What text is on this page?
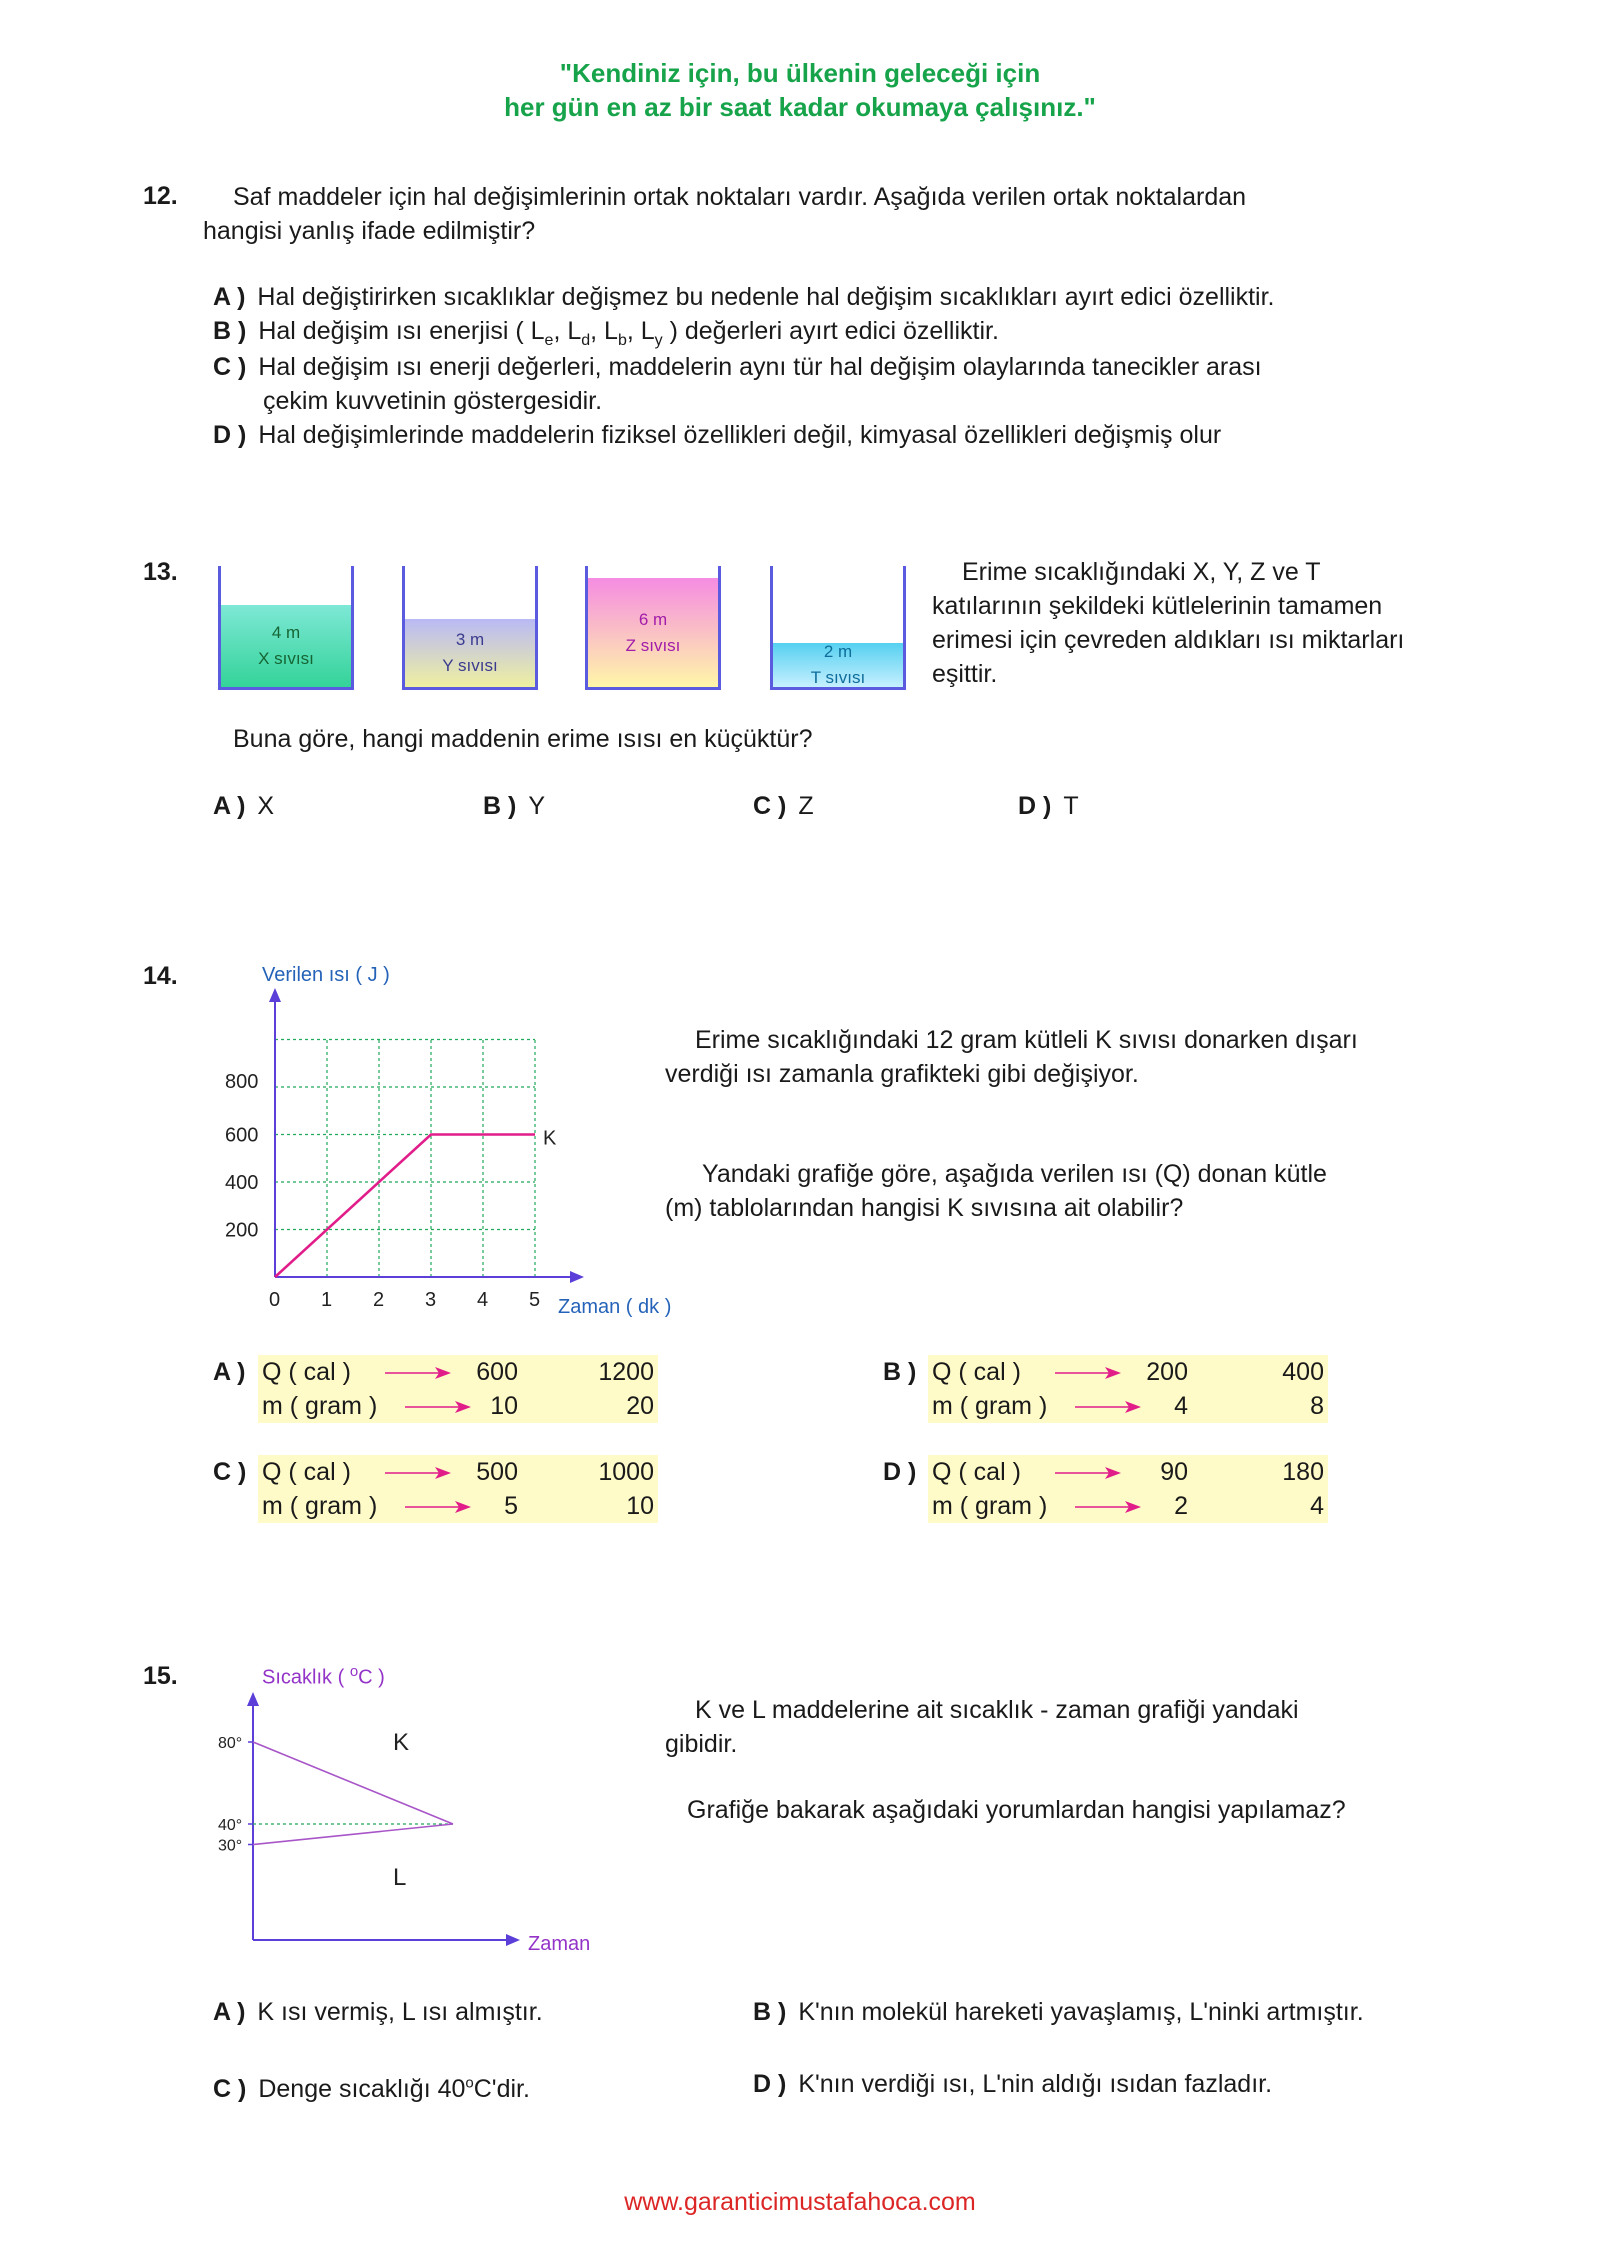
"Kendiniz için, bu ülkenin geleceği için
her gün en az bir saat kadar okumaya çalışınız."
12. Saf maddeler için hal değişimlerinin ortak noktaları vardır. Aşağıda verilen ortak noktalardan
hangisi yanlış ifade edilmiştir?
A ) Hal değiştirirken sıcaklıklar değişmez bu nedenle hal değişim sıcaklıkları ayırt edici özelliktir.
B ) Hal değişim ısı enerjisi ( $L_e$, $L_d$, $L_b$, $L_y$ ) değerleri ayırt edici özelliktir.
C ) Hal değişim ısı enerji değerleri, maddelerin aynı tür hal değişim olaylarında tanecikler arası
çekim kuvvetinin göstergesidir.
D ) Hal değişimlerinde maddelerin fiziksel özellikleri değil, kimyasal özellikleri değişmiş olur
13.
4 m
X sıvısı
3 m
Y sıvısı
6 m
Z sıvısı	2 m
T sıvısı
Erime sıcaklığındaki X, Y, Z ve T
katılarının şekildeki kütlelerinin tamamen
erimesi için çevreden aldıkları ısı miktarları
eşittir.
Buna göre, hangi maddenin erime ısısı en küçüktür?
A ) X	B ) Y	C ) Z	D ) T
14.	Verilen ısı ( J )
Zaman ( dk )
K
200
400
600
800
0 1 2 3 4 5
Erime sıcaklığındaki 12 gram kütleli K sıvısı donarken dışarı
verdiği ısı zamanla grafikteki gibi değişiyor.
Yandaki grafiğe göre, aşağıda verilen ısı (Q) donan kütle
(m) tablolarından hangisi K sıvısına ait olabilir?
A ) Q ( cal )	600	1200
m ( gram )	10	20
B ) Q ( cal )	200	400
m ( gram )	4	8
C ) Q ( cal )	500	1000
m ( gram )	5	10
D ) Q ( cal )	90	180
m ( gram )	2	4
15.	Sıcaklık ( $^o$C )
Zaman
K
L
80°
40°
30°
K ve L maddelerine ait sıcaklık - zaman grafiği yandaki
gibidir.
Grafiğe bakarak aşağıdaki yorumlardan hangisi yapılamaz?
A ) K ısı vermiş, L ısı almıştır.	B ) K'nın molekül hareketi yavaşlamış, L'ninki artmıştır.
C ) Denge sıcaklığı 40$^o$C'dir.	D ) K'nın verdiği ısı, L'nin aldığı ısıdan fazladır.
www.garanticimustafahoca.com
